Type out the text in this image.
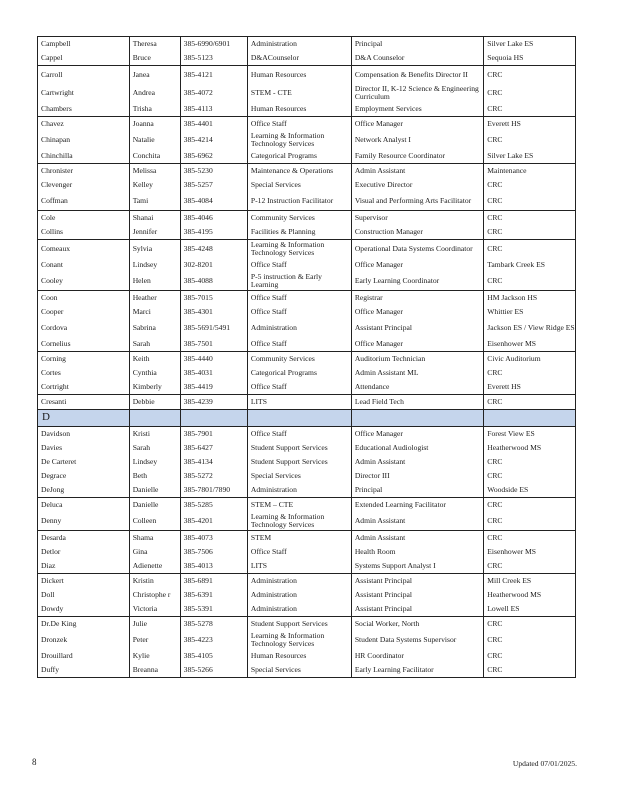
Campbell	Theresa	385-6990/6901	Administration	Principal	Silver Lake ES
Cappel	Bruce	385-5123	D&ACounselor	D&A Counselor	Sequoia HS
Carroll	Janea	385-4121	Human Resources	Compensation & Benefits Director II	CRC
Cartwright	Andrea	385-4072	STEM - CTE	Director II, K-12 Science & Engineering Curriculum	CRC
Chambers	Trisha	385-4113	Human Resources	Employment Services	CRC
Chavez	Joanna	385-4401	Office Staff	Office Manager	Everett HS
Chinapan	Natalie	385-4214	Learning & Information Technology Services	Network Analyst I	CRC
Chinchilla	Conchita	385-6962	Categorical Programs	Family Resource Coordinator	Silver Lake ES
Chronister	Melissa	385-5230	Maintenance & Operations	Admin Assistant	Maintenance
Clevenger	Kelley	385-5257	Special Services	Executive Director	CRC
Coffman	Tami	385-4084	P-12 Instruction Facilitator	Visual and Performing Arts Facilitator	CRC
Cole	Shanai	385-4046	Community Services	Supervisor	CRC
Collins	Jennifer	385-4195	Facilities & Planning	Construction Manager	CRC
Comeaux	Sylvia	385-4248	Learning & Information Technology Services	Operational Data Systems Coordinator	CRC
Conant	Lindsey	302-8201	Office Staff	Office Manager	Tambark Creek ES
Cooley	Helen	385-4088	P-5 instruction & Early Learning	Early Learning Coordinator	CRC
Coon	Heather	385-7015	Office Staff	Registrar	HM Jackson HS
Cooper	Marci	385-4301	Office Staff	Office Manager	Whittier ES
Cordova	Sabrina	385-5691/5491	Administration	Assistant Principal	Jackson ES / View Ridge ES
Cornelius	Sarah	385-7501	Office Staff	Office Manager	Eisenhower MS
Corning	Keith	385-4440	Community Services	Auditorium Technician	Civic Auditorium
Cortes	Cynthia	385-4031	Categorical Programs	Admin Assistant ML	CRC
Cortright	Kimberly	385-4419	Office Staff	Attendance	Everett HS
Cresanti	Debbie	385-4239	LITS	Lead Field Tech	CRC
D					
Davidson	Kristi	385-7901	Office Staff	Office Manager	Forest View ES
Davies	Sarah	385-6427	Student Support Services	Educational Audiologist	Heatherwood MS
De Carteret	Lindsey	385-4134	Student Support Services	Admin Assistant	CRC
Degrace	Beth	385-5272	Special Services	Director III	CRC
DeJong	Danielle	385-7801/7890	Administration	Principal	Woodside ES
Deluca	Danielle	385-5285	STEM – CTE	Extended Learning Facilitator	CRC
Denny	Colleen	385-4201	Learning & Information Technology Services	Admin Assistant	CRC
Desarda	Shama	385-4073	STEM	Admin Assistant	CRC
Detlor	Gina	385-7506	Office Staff	Health Room	Eisenhower MS
Diaz	Adienette	385-4013	LITS	Systems Support Analyst I	CRC
Dickert	Kristin	385-6891	Administration	Assistant Principal	Mill Creek ES
Doll	Christophe r	385-6391	Administration	Assistant Principal	Heatherwood MS
Dowdy	Victoria	385-5391	Administration	Assistant Principal	Lowell ES
Dr.De King	Julie	385-5278	Student Support Services	Social Worker, North	CRC
Dronzek	Peter	385-4223	Learning & Information Technology Services	Student Data Systems Supervisor	CRC
Drouillard	Kylie	385-4105	Human Resources	HR Coordinator	CRC
Duffy	Breanna	385-5266	Special Services	Early Learning Facilitator	CRC
8	Updated 07/01/2025.
